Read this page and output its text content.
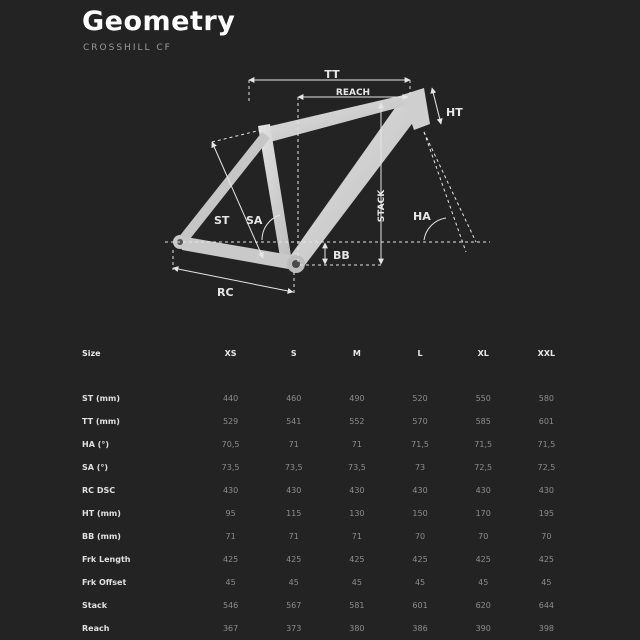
Geometry
CROSSHILL CF
TT
REACH
HT
ST SA	STACK HA
BB
RC
Size	XS	S	M	L	XL	XXL

ST (mm)	440	460	490	520	550	580
TT (mm)	529	541	552	570	585	601
HA (°)	70,5	71	71	71,5	71,5	71,5
SA (°)	73,5	73,5	73,5	73	72,5	72,5
RC DSC	430	430	430	430	430	430
HT (mm)	95	115	130	150	170	195
BB (mm)	71	71	71	70	70	70
Frk Length	425	425	425	425	425	425
Frk Offset	45	45	45	45	45	45
Stack	546	567	581	601	620	644
Reach	367	373	380	386	390	398
